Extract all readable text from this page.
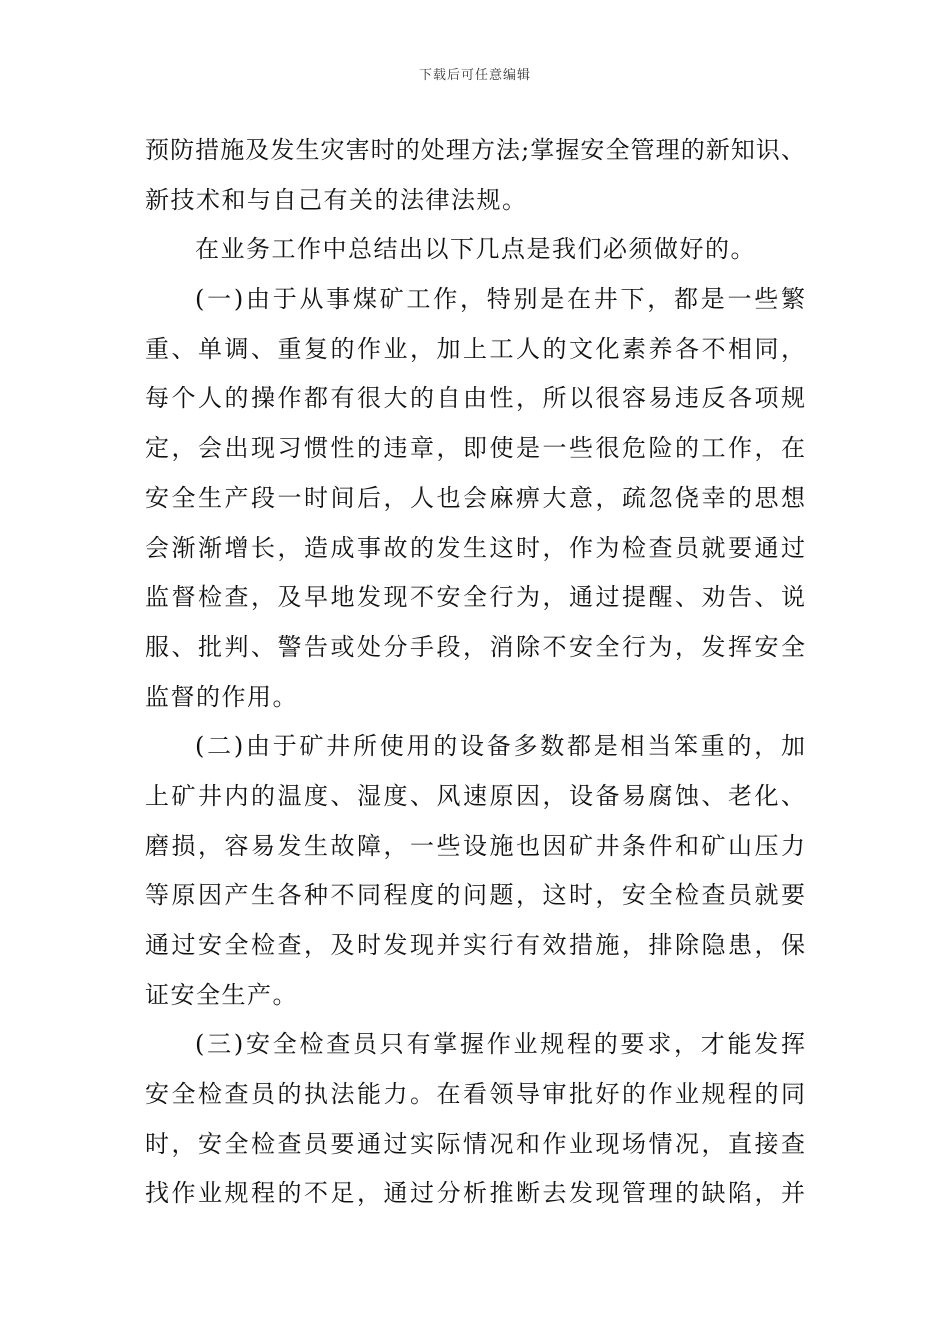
下载后可任意编辑
预防措施及发生灾害时的处理方法;掌握安全管理的新知识、
新技术和与自己有关的法律法规。
在业务工作中总结出以下几点是我们必须做好的。
(一)由于从事煤矿工作，特别是在井下，都是一些繁
重、单调、重复的作业，加上工人的文化素养各不相同，
每个人的操作都有很大的自由性，所以很容易违反各项规
定，会出现习惯性的违章，即使是一些很危险的工作，在
安全生产段一时间后，人也会麻痹大意，疏忽侥幸的思想
会渐渐增长，造成事故的发生这时，作为检查员就要通过
监督检查，及早地发现不安全行为，通过提醒、劝告、说
服、批判、警告或处分手段，消除不安全行为，发挥安全
监督的作用。
(二)由于矿井所使用的设备多数都是相当笨重的，加
上矿井内的温度、湿度、风速原因，设备易腐蚀、老化、
磨损，容易发生故障，一些设施也因矿井条件和矿山压力
等原因产生各种不同程度的问题，这时，安全检查员就要
通过安全检查，及时发现并实行有效措施，排除隐患，保
证安全生产。
(三)安全检查员只有掌握作业规程的要求，才能发挥
安全检查员的执法能力。在看领导审批好的作业规程的同
时，安全检查员要通过实际情况和作业现场情况，直接查
找作业规程的不足，通过分析推断去发现管理的缺陷，并
